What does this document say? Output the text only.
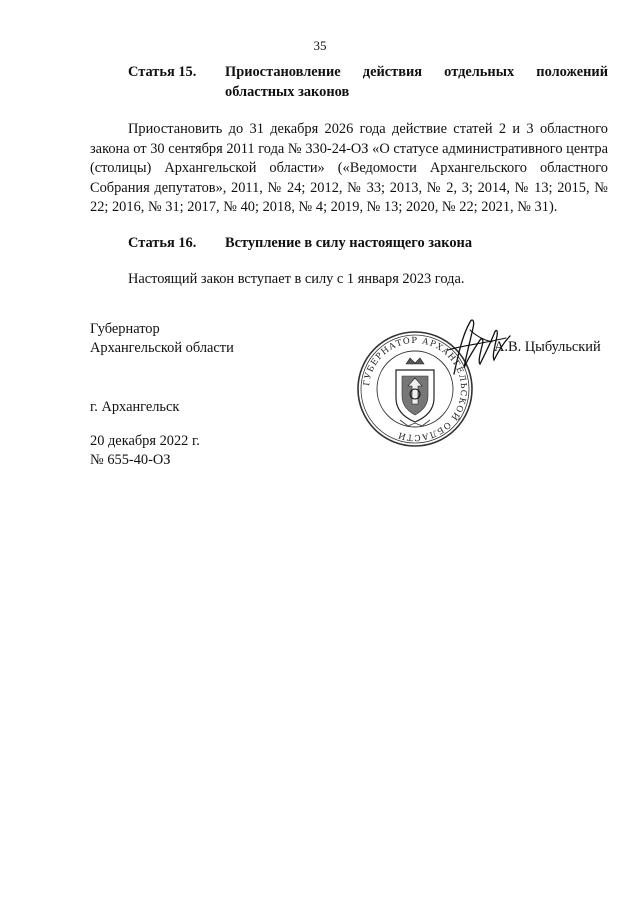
35
Статья 15. Приостановление действия отдельных положений областных законов
Приостановить до 31 декабря 2026 года действие статей 2 и 3 областного закона от 30 сентября 2011 года № 330-24-ОЗ «О статусе административного центра (столицы) Архангельской области» («Ведомости Архангельского областного Собрания депутатов», 2011, № 24; 2012, № 33; 2013, № 2, 3; 2014, № 13; 2015, № 22; 2016, № 31; 2017, № 40; 2018, № 4; 2019, № 13; 2020, № 22; 2021, № 31).
Статья 16. Вступление в силу настоящего закона
Настоящий закон вступает в силу с 1 января 2023 года.
Губернатор
Архангельской области
ГУБЕРНАТОР АРХАНГЕЛЬСКОЙ ОБЛАСТИ
А.В. Цыбульский
г. Архангельск
20 декабря 2022 г.
№ 655-40-ОЗ
